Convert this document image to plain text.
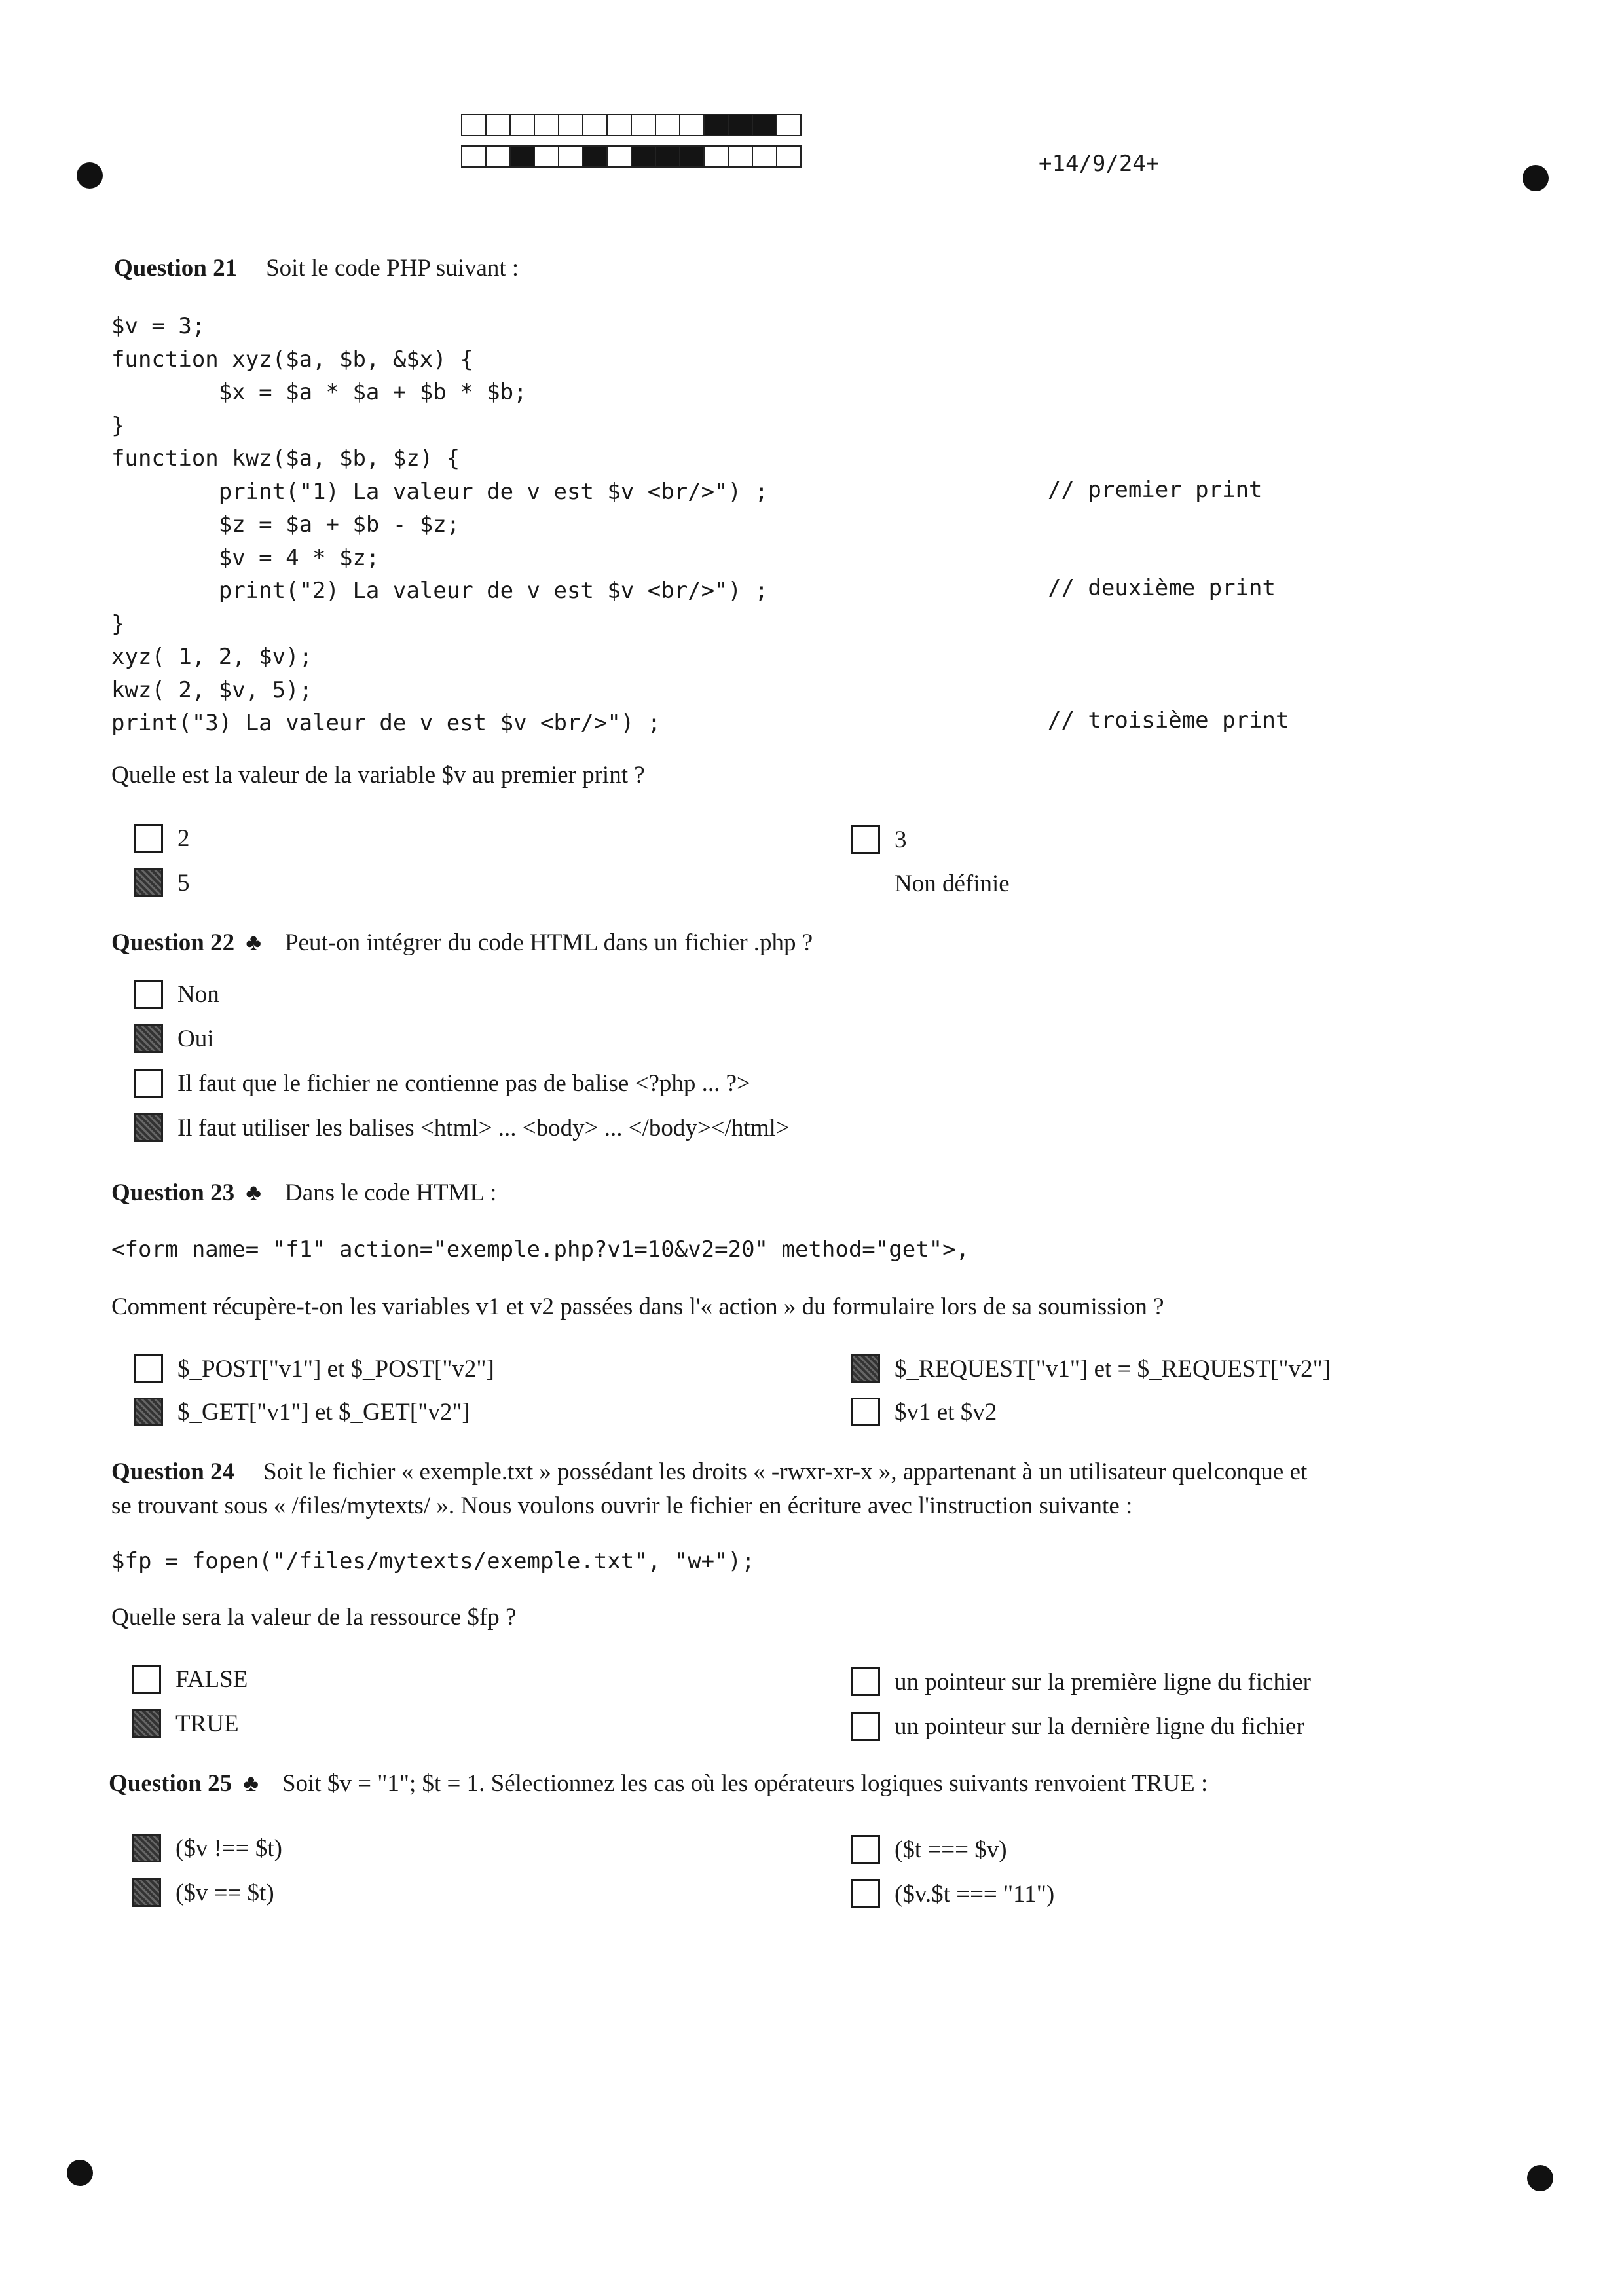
+14/9/24+
Question 21 Soit le code PHP suivant :
$v = 3;
function xyz($a, $b, &$x) {
$x = $a * $a + $b * $b;
}
function kwz($a, $b, $z) {
print("1) La valeur de v est $v <br/>") ;
$z = $a + $b - $z;
$v = 4 * $z;
print("2) La valeur de v est $v <br/>") ;
}
xyz( 1, 2, $v);
kwz( 2, $v, 5);
print("3) La valeur de v est $v <br/>") ;
// premier print
// deuxième print
// troisième print
Quelle est la valeur de la variable $v au premier print ?
2	3
5	Non définie
Question 22 ♣ Peut-on intégrer du code HTML dans un fichier .php ?
Non
Oui
Il faut que le fichier ne contienne pas de balise <?php ... ?>
Il faut utiliser les balises <html> ... <body> ... </body></html>
Question 23 ♣ Dans le code HTML :
<form name= "f1" action="exemple.php?v1=10&v2=20" method="get">,
Comment récupère-t-on les variables v1 et v2 passées dans l'« action » du formulaire lors de sa soumission ?
$_POST["v1"] et $_POST["v2"]	$_REQUEST["v1"] et = $_REQUEST["v2"]
$_GET["v1"] et $_GET["v2"]	$v1 et $v2
Question 24 Soit le fichier « exemple.txt » possédant les droits « -rwxr-xr-x », appartenant à un utilisateur quelconque et
se trouvant sous « /files/mytexts/ ». Nous voulons ouvrir le fichier en écriture avec l'instruction suivante :
$fp = fopen("/files/mytexts/exemple.txt", "w+");
Quelle sera la valeur de la ressource $fp ?
FALSE	un pointeur sur la première ligne du fichier
TRUE	un pointeur sur la dernière ligne du fichier
Question 25 ♣ Soit $v = "1"; $t = 1. Sélectionnez les cas où les opérateurs logiques suivants renvoient TRUE :
($v !== $t)	($t === $v)
($v == $t)	($v.$t === "11")
